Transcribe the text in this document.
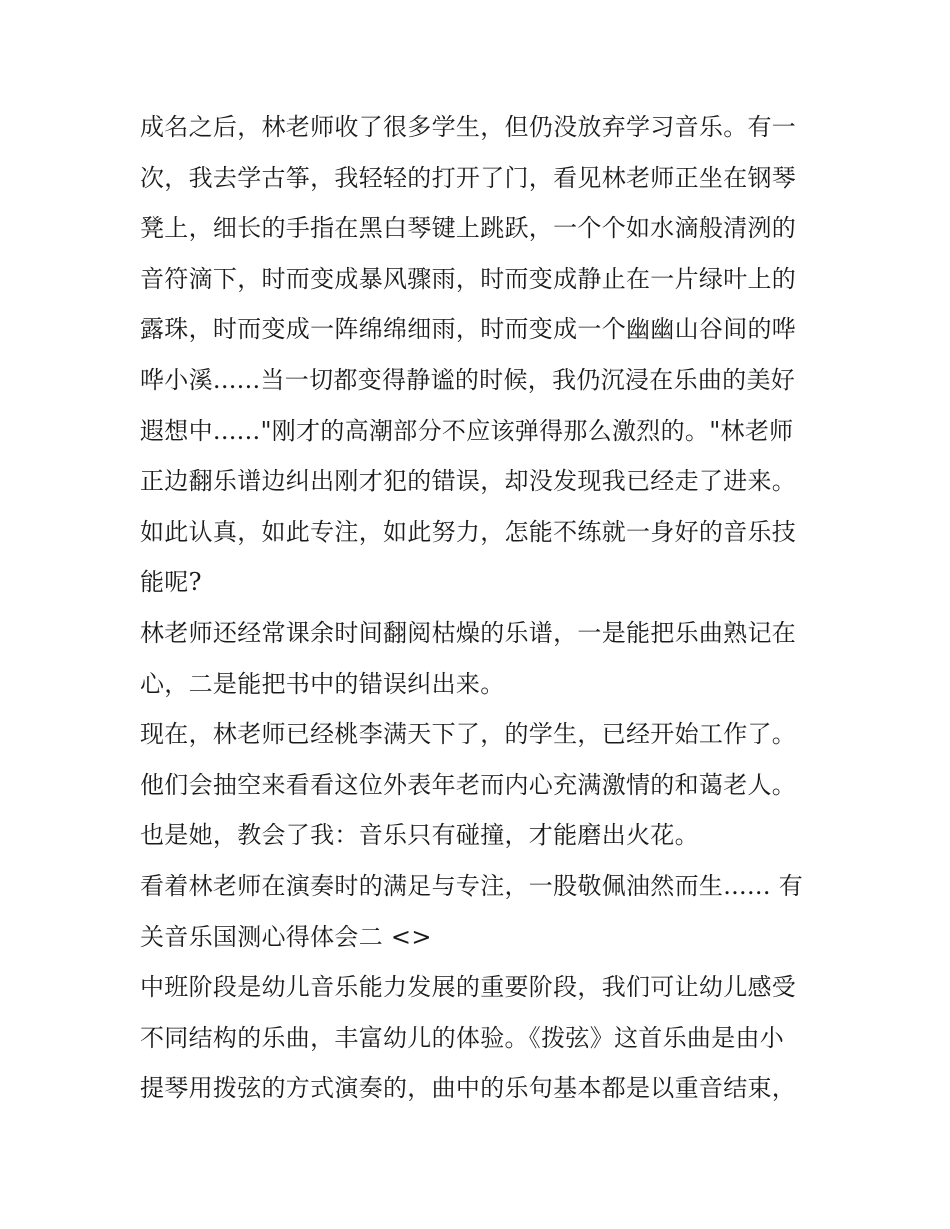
成名之后，林老师收了很多学生，但仍没放弃学习音乐。有一
次，我去学古筝，我轻轻的打开了门，看见林老师正坐在钢琴
凳上，细长的手指在黑白琴键上跳跃，一个个如水滴般清洌的
音符滴下，时而变成暴风骤雨，时而变成静止在一片绿叶上的
露珠，时而变成一阵绵绵细雨，时而变成一个幽幽山谷间的哗
哗小溪......当一切都变得静谧的时候，我仍沉浸在乐曲的美好
遐想中......"刚才的高潮部分不应该弹得那么激烈的。"林老师
正边翻乐谱边纠出刚才犯的错误，却没发现我已经走了进来。
如此认真，如此专注，如此努力，怎能不练就一身好的音乐技
能呢?
林老师还经常课余时间翻阅枯燥的乐谱，一是能把乐曲熟记在
心，二是能把书中的错误纠出来。
现在，林老师已经桃李满天下了，的学生，已经开始工作了。
他们会抽空来看看这位外表年老而内心充满激情的和蔼老人。
也是她，教会了我：音乐只有碰撞，才能磨出火花。
看着林老师在演奏时的满足与专注，一股敬佩油然而生...... 有
关音乐国测心得体会二 <>
中班阶段是幼儿音乐能力发展的重要阶段，我们可让幼儿感受
不同结构的乐曲，丰富幼儿的体验。《拨弦》这首乐曲是由小
提琴用拨弦的方式演奏的，曲中的乐句基本都是以重音结束，
